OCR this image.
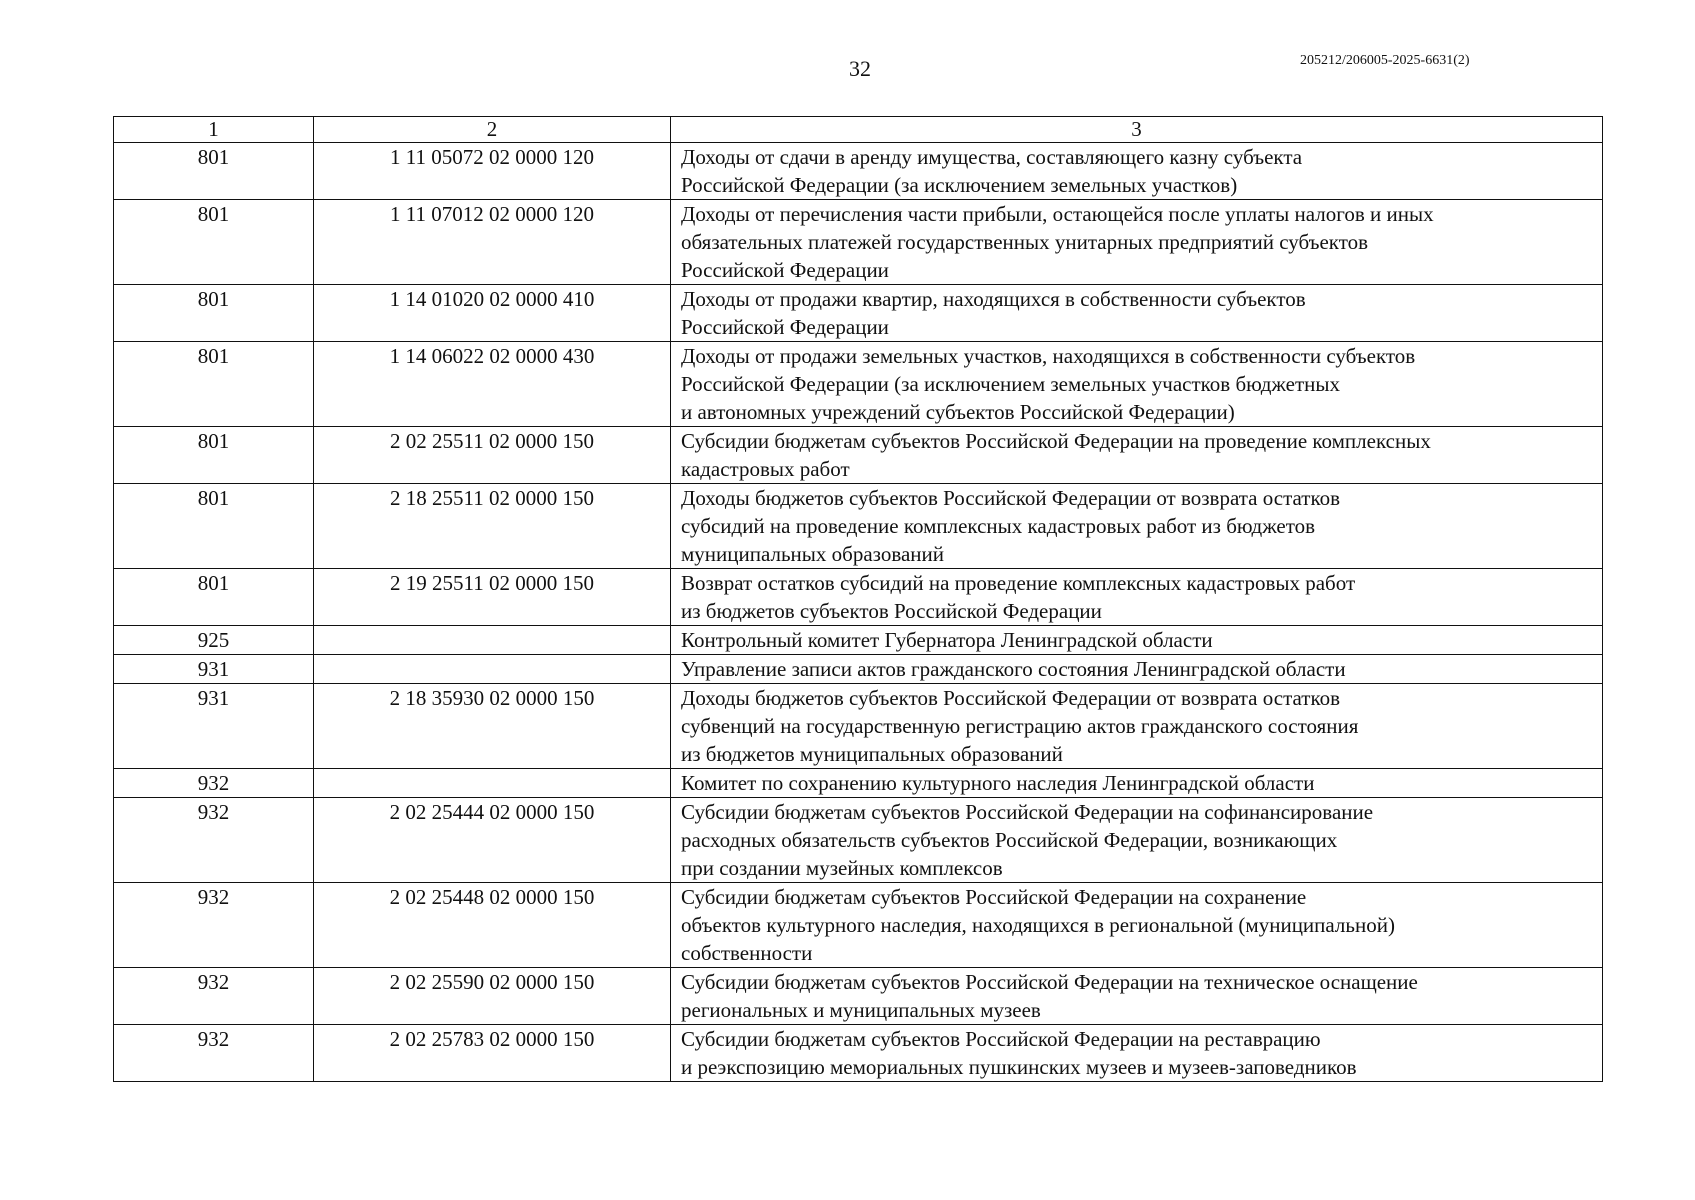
32	205212/206005-2025-6631(2)
1	2	3
801	1 11 05072 02 0000 120	Доходы от сдачи в аренду имущества, составляющего казну субъекта
Российской Федерации (за исключением земельных участков)

801	1 11 07012 02 0000 120	Доходы от перечисления части прибыли, остающейся после уплаты налогов и иных
обязательных платежей государственных унитарных предприятий субъектов
Российской Федерации

801	1 14 01020 02 0000 410	Доходы от продажи квартир, находящихся в собственности субъектов
Российской Федерации

801	1 14 06022 02 0000 430	Доходы от продажи земельных участков, находящихся в собственности субъектов
Российской Федерации (за исключением земельных участков бюджетных
и автономных учреждений субъектов Российской Федерации)

801	2 02 25511 02 0000 150	Субсидии бюджетам субъектов Российской Федерации на проведение комплексных
кадастровых работ

801	2 18 25511 02 0000 150	Доходы бюджетов субъектов Российской Федерации от возврата остатков
субсидий на проведение комплексных кадастровых работ из бюджетов
муниципальных образований

801	2 19 25511 02 0000 150	Возврат остатков субсидий на проведение комплексных кадастровых работ
из бюджетов субъектов Российской Федерации

925		Контрольный комитет Губернатора Ленинградской области

931		Управление записи актов гражданского состояния Ленинградской области

931	2 18 35930 02 0000 150	Доходы бюджетов субъектов Российской Федерации от возврата остатков
субвенций на государственную регистрацию актов гражданского состояния
из бюджетов муниципальных образований

932		Комитет по сохранению культурного наследия Ленинградской области

932	2 02 25444 02 0000 150	Субсидии бюджетам субъектов Российской Федерации на софинансирование
расходных обязательств субъектов Российской Федерации, возникающих
при создании музейных комплексов

932	2 02 25448 02 0000 150	Субсидии бюджетам субъектов Российской Федерации на сохранение
объектов культурного наследия, находящихся в региональной (муниципальной)
собственности

932	2 02 25590 02 0000 150	Субсидии бюджетам субъектов Российской Федерации на техническое оснащение
региональных и муниципальных музеев

932	2 02 25783 02 0000 150	Субсидии бюджетам субъектов Российской Федерации на реставрацию
и реэкспозицию мемориальных пушкинских музеев и музеев-заповедников
